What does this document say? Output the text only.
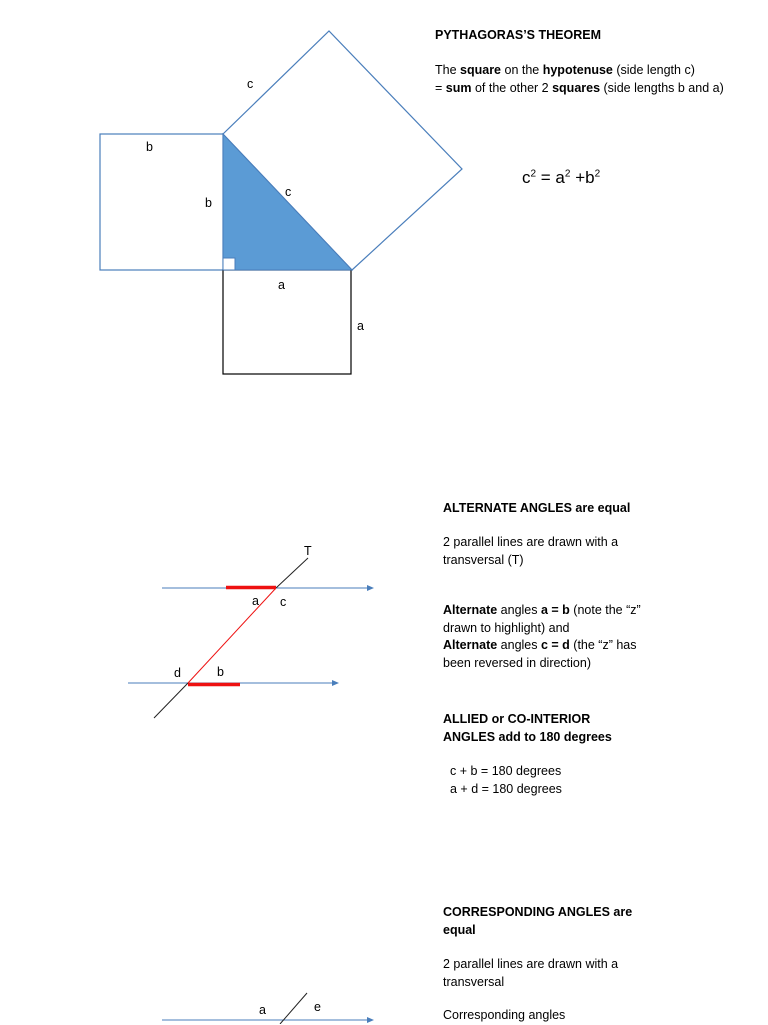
c
b
b
c
a
a
T
a c
d	b
a	e
PYTHAGORAS’S THEOREM

The square on the hypotenuse (side length c)

= sum of the other 2 squares (side lengths b and a)

$c^2 = a^2 +b^2$
ALTERNATE ANGLES are equal
2 parallel lines are drawn with a transversal (T)

Alternate angles a = b (note the “z” drawn to highlight) and

Alternate angles c = d (the “z” has been reversed in direction)

ALLIED or CO-INTERIOR ANGLES add to 180 degrees
c + b = 180 degrees
a + d = 180 degrees
CORRESPONDING ANGLES are equal
2 parallel lines are drawn with a transversal
Corresponding angles
